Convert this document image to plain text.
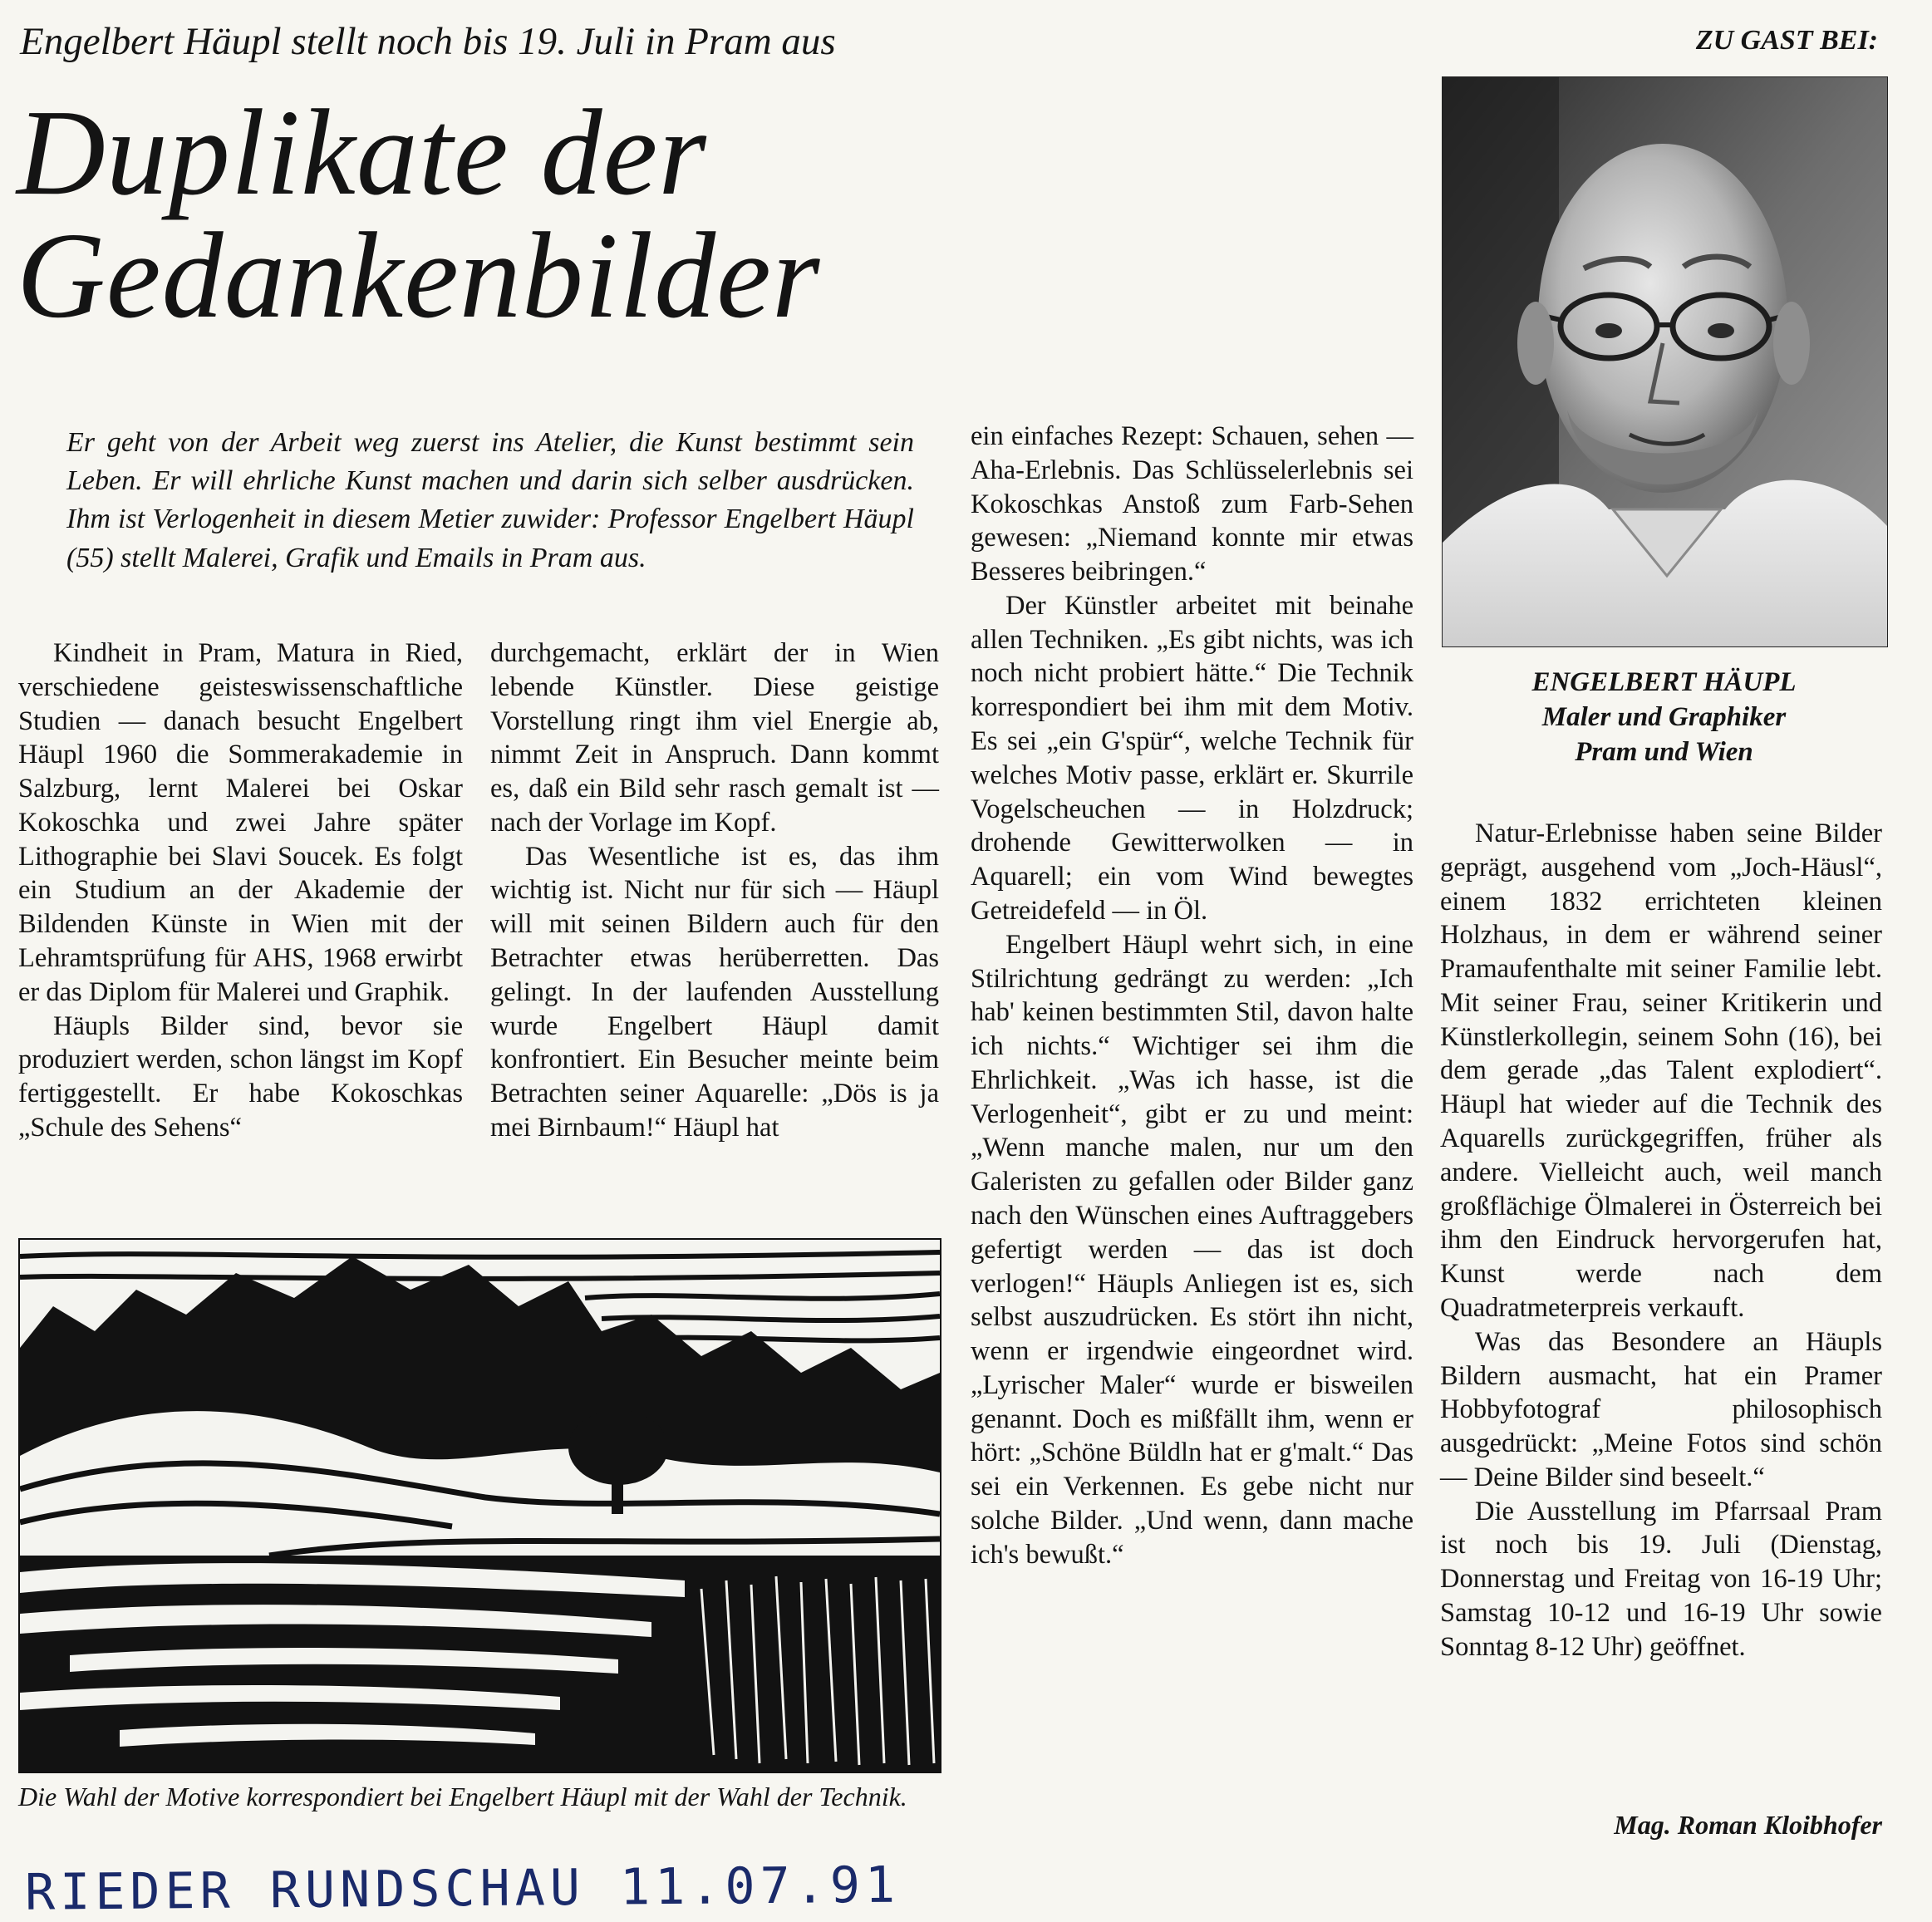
Engelbert Häupl stellt noch bis 19. Juli in Pram aus	ZU GAST BEI:
Duplikate der
Gedankenbilder
Er geht von der Arbeit weg zuerst ins Atelier, die Kunst bestimmt sein Leben. Er will ehrliche Kunst machen und darin sich selber ausdrücken. Ihm ist Verlogenheit in diesem Metier zuwider: Professor Engelbert Häupl (55) stellt Malerei, Grafik und Emails in Pram aus.
ENGELBERT HÄUPL
Maler und Graphiker
Pram und Wien

Kindheit in Pram, Matura in Ried, verschiedene geisteswissenschaftliche Studien — danach besucht Engelbert Häupl 1960 die Sommerakademie in Salzburg, lernt Malerei bei Oskar Kokoschka und zwei Jahre später Lithographie bei Slavi Soucek. Es folgt ein Studium an der Akademie der Bildenden Künste in Wien mit der Lehramtsprüfung für AHS, 1968 erwirbt er das Diplom für Malerei und Graphik.

Häupls Bilder sind, bevor sie produziert werden, schon längst im Kopf fertiggestellt. Er habe Kokoschkas „Schule des Sehens“

durchgemacht, erklärt der in Wien lebende Künstler. Diese geistige Vorstellung ringt ihm viel Energie ab, nimmt Zeit in Anspruch. Dann kommt es, daß ein Bild sehr rasch gemalt ist — nach der Vorlage im Kopf.

Das Wesentliche ist es, das ihm wichtig ist. Nicht nur für sich — Häupl will mit seinen Bildern auch für den Betrachter etwas herüberretten. Das gelingt. In der laufenden Ausstellung wurde Engelbert Häupl damit konfrontiert. Ein Besucher meinte beim Betrachten seiner Aquarelle: „Dös is ja mei Birnbaum!“ Häupl hat

ein einfaches Rezept: Schauen, sehen — Aha-Erlebnis. Das Schlüsselerlebnis sei Kokoschkas Anstoß zum Farb-Sehen gewesen: „Niemand konnte mir etwas Besseres beibringen.“

Der Künstler arbeitet mit beinahe allen Techniken. „Es gibt nichts, was ich noch nicht probiert hätte.“ Die Technik korrespondiert bei ihm mit dem Motiv. Es sei „ein G'spür“, welche Technik für welches Motiv passe, erklärt er. Skurrile Vogelscheuchen — in Holzdruck; drohende Gewitterwolken — in Aquarell; ein vom Wind bewegtes Getreidefeld — in Öl.

Engelbert Häupl wehrt sich, in eine Stilrichtung gedrängt zu werden: „Ich hab' keinen bestimmten Stil, davon halte ich nichts.“ Wichtiger sei ihm die Ehrlichkeit. „Was ich hasse, ist die Verlogenheit“, gibt er zu und meint: „Wenn manche malen, nur um den Galeristen zu gefallen oder Bilder ganz nach den Wünschen eines Auftraggebers gefertigt werden — das ist doch verlogen!“ Häupls Anliegen ist es, sich selbst auszudrücken. Es stört ihn nicht, wenn er irgendwie eingeordnet wird. „Lyrischer Maler“ wurde er bisweilen genannt. Doch es mißfällt ihm, wenn er hört: „Schöne Büldln hat er g'malt.“ Das sei ein Verkennen. Es gebe nicht nur solche Bilder. „Und wenn, dann mache ich's bewußt.“

Natur-Erlebnisse haben seine Bilder geprägt, ausgehend vom „Joch-Häusl“, einem 1832 errichteten kleinen Holzhaus, in dem er während seiner Pramaufenthalte mit seiner Familie lebt. Mit seiner Frau, seiner Kritikerin und Künstlerkollegin, seinem Sohn (16), bei dem gerade „das Talent explodiert“. Häupl hat wieder auf die Technik des Aquarells zurückgegriffen, früher als andere. Vielleicht auch, weil manch großflächige Ölmalerei in Österreich bei ihm den Eindruck hervorgerufen hat, Kunst werde nach dem Quadratmeterpreis verkauft.

Was das Besondere an Häupls Bildern ausmacht, hat ein Pramer Hobbyfotograf philosophisch ausgedrückt: „Meine Fotos sind schön — Deine Bilder sind beseelt.“

Die Ausstellung im Pfarrsaal Pram ist noch bis 19. Juli (Dienstag, Donnerstag und Freitag von 16-19 Uhr; Samstag 10-12 und 16-19 Uhr sowie Sonntag 8-12 Uhr) geöffnet.

Die Wahl der Motive korrespondiert bei Engelbert Häupl mit der Wahl der Technik.
Mag. Roman Kloibhofer
RIEDER RUNDSCHAU 11.07.91
